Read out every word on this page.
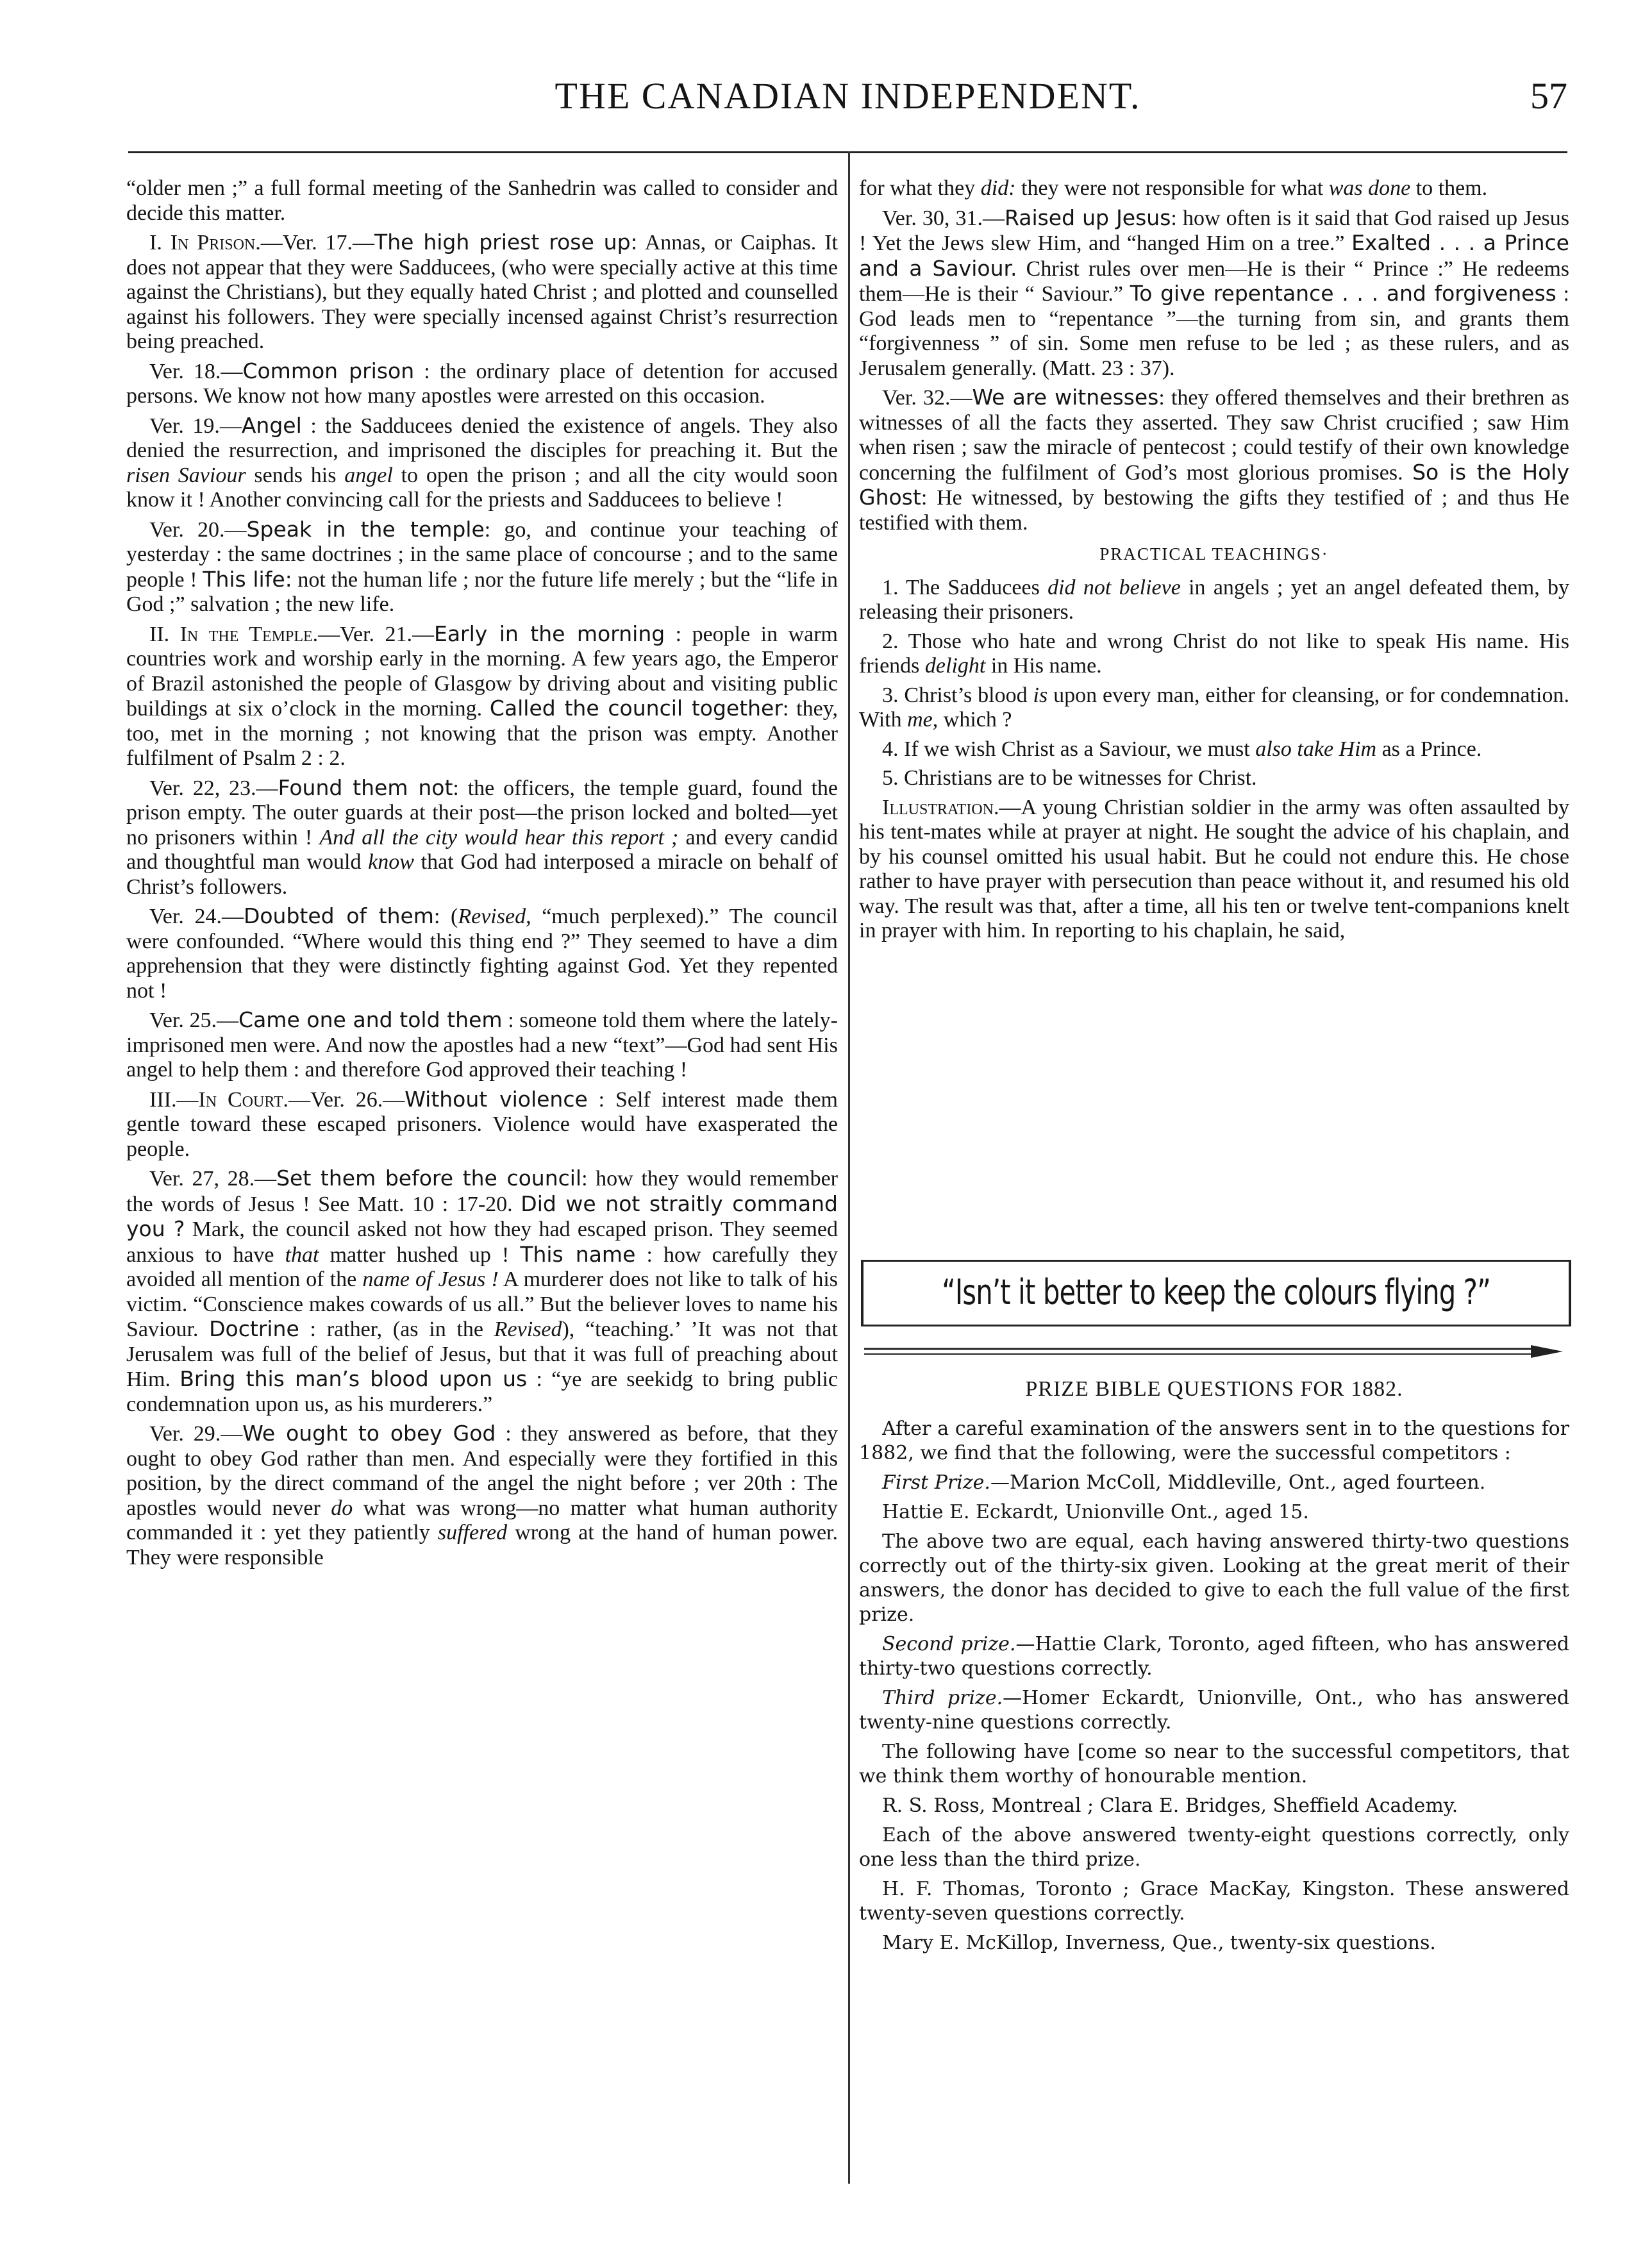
THE CANADIAN INDEPENDENT.	57

“older men ;” a full formal meeting of the Sanhedrin was called to consider and decide this matter.

I. In Prison.—Ver. 17.—The high priest rose up: Annas, or Caiphas. It does not appear that they were Sadducees, (who were specially active at this time against the Christians), but they equally hated Christ ; and plotted and counselled against his followers. They were specially incensed against Christ’s resurrection being preached.

Ver. 18.—Common prison : the ordinary place of detention for accused persons. We know not how many apostles were arrested on this occasion.

Ver. 19.—Angel : the Sadducees denied the existence of angels. They also denied the resurrection, and imprisoned the disciples for preaching it. But the risen Saviour sends his angel to open the prison ; and all the city would soon know it ! Another convincing call for the priests and Sadducees to believe !

Ver. 20.—Speak in the temple: go, and continue your teaching of yesterday : the same doctrines ; in the same place of concourse ; and to the same people ! This life: not the human life ; nor the future life merely ; but the “life in God ;” salvation ; the new life.

II. In the Temple.—Ver. 21.—Early in the morning : people in warm countries work and worship early in the morning. A few years ago, the Emperor of Brazil astonished the people of Glasgow by driving about and visiting public buildings at six o’clock in the morning. Called the council together: they, too, met in the morning ; not knowing that the prison was empty. Another fulfilment of Psalm 2 : 2.

Ver. 22, 23.—Found them not: the officers, the temple guard, found the prison empty. The outer guards at their post—the prison locked and bolted—yet no prisoners within ! And all the city would hear this report ; and every candid and thoughtful man would know that God had interposed a miracle on behalf of Christ’s followers.

Ver. 24.—Doubted of them: (Revised, “much perplexed).” The council were confounded. “Where would this thing end ?” They seemed to have a dim apprehension that they were distinctly fighting against God. Yet they repented not !

Ver. 25.—Came one and told them : someone told them where the lately-imprisoned men were. And now the apostles had a new “text”—God had sent His angel to help them : and therefore God approved their teaching !

III.—In Court.—Ver. 26.—Without violence : Self interest made them gentle toward these escaped prisoners. Violence would have exasperated the people.

Ver. 27, 28.—Set them before the council: how they would remember the words of Jesus ! See Matt. 10 : 17-20. Did we not straitly command you ? Mark, the council asked not how they had escaped prison. They seemed anxious to have that matter hushed up ! This name : how carefully they avoided all mention of the name of Jesus ! A murderer does not like to talk of his victim. “Conscience makes cowards of us all.” But the believer loves to name his Saviour. Doctrine : rather, (as in the Revised), “teaching.’ ’It was not that Jerusalem was full of the belief of Jesus, but that it was full of preaching about Him. Bring this man’s blood upon us : “ye are seekidg to bring public condemnation upon us, as his murderers.”

Ver. 29.—We ought to obey God : they answered as before, that they ought to obey God rather than men. And especially were they fortified in this position, by the direct command of the angel the night before ; ver 20th : The apostles would never do what was wrong—no matter what human authority commanded it : yet they patiently suffered wrong at the hand of human power. They were responsible

for what they did: they were not responsible for what was done to them.

Ver. 30, 31.—Raised up Jesus: how often is it said that God raised up Jesus ! Yet the Jews slew Him, and “hanged Him on a tree.” Exalted . . . a Prince and a Saviour. Christ rules over men—He is their “ Prince :” He redeems them—He is their “ Saviour.” To give repentance . . . and forgiveness : God leads men to “repentance ”—the turning from sin, and grants them “forgivenness ” of sin. Some men refuse to be led ; as these rulers, and as Jerusalem generally. (Matt. 23 : 37).

Ver. 32.—We are witnesses: they offered themselves and their brethren as witnesses of all the facts they asserted. They saw Christ crucified ; saw Him when risen ; saw the miracle of pentecost ; could testify of their own knowledge concerning the fulfilment of God’s most glorious promises. So is the Holy Ghost: He witnessed, by bestowing the gifts they testified of ; and thus He testified with them.

PRACTICAL TEACHINGS·

1. The Sadducees did not believe in angels ; yet an angel defeated them, by releasing their prisoners.

2. Those who hate and wrong Christ do not like to speak His name. His friends delight in His name.

3. Christ’s blood is upon every man, either for cleansing, or for condemnation. With me, which ?

4. If we wish Christ as a Saviour, we must also take Him as a Prince.

5. Christians are to be witnesses for Christ.

Illustration.—A young Christian soldier in the army was often assaulted by his tent-mates while at prayer at night. He sought the advice of his chaplain, and by his counsel omitted his usual habit. But he could not endure this. He chose rather to have prayer with persecution than peace without it, and resumed his old way. The result was that, after a time, all his ten or twelve tent-companions knelt in prayer with him. In reporting to his chaplain, he said,

“Isn’t it better to keep the colours flying ?”
PRIZE BIBLE QUESTIONS FOR 1882.

After a careful examination of the answers sent in to the questions for 1882, we find that the following, were the successful competitors :

First Prize.—Marion McColl, Middleville, Ont., aged fourteen.

Hattie E. Eckardt, Unionville Ont., aged 15.

The above two are equal, each having answered thirty-two questions correctly out of the thirty-six given. Looking at the great merit of their answers, the donor has decided to give to each the full value of the first prize.

Second prize.—Hattie Clark, Toronto, aged fifteen, who has answered thirty-two questions correctly.

Third prize.—Homer Eckardt, Unionville, Ont., who has answered twenty-nine questions correctly.

The following have [come so near to the successful competitors, that we think them worthy of honourable mention.

R. S. Ross, Montreal ; Clara E. Bridges, Sheffield Academy.

Each of the above answered twenty-eight questions correctly, only one less than the third prize.

H. F. Thomas, Toronto ; Grace MacKay, Kingston. These answered twenty-seven questions correctly.

Mary E. McKillop, Inverness, Que., twenty-six questions.
